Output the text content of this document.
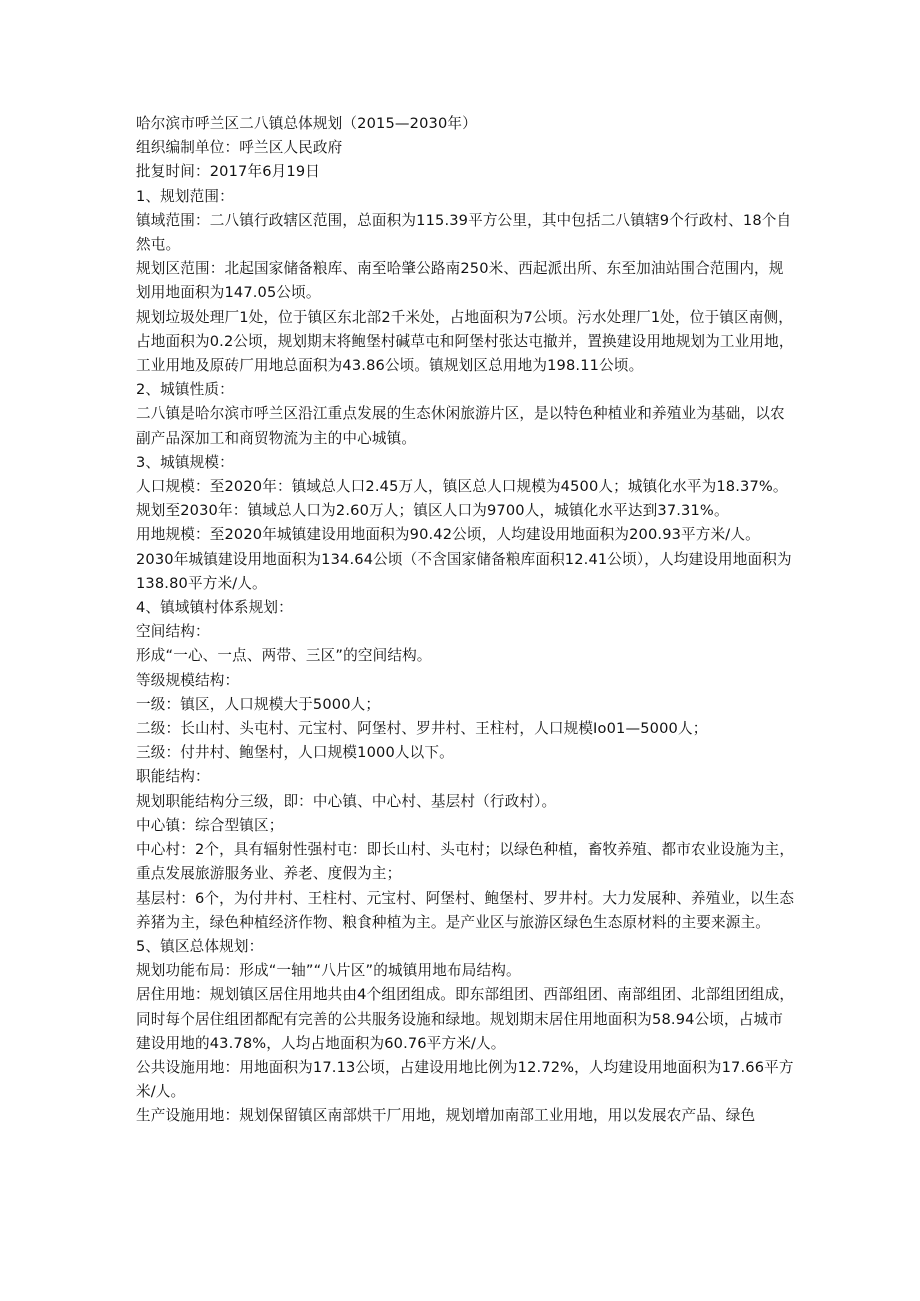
哈尔滨市呼兰区二八镇总体规划（2015—2030年）

组织编制单位：呼兰区人民政府

批复时间：2017年6月19日

1、规划范围：

镇域范围：二八镇行政辖区范围，总面积为115.39平方公里，其中包括二八镇辖9个行政村、18个自然屯。

规划区范围：北起国家储备粮库、南至哈肇公路南250米、西起派出所、东至加油站围合范围内，规划用地面积为147.05公顷。

规划垃圾处理厂1处，位于镇区东北部2千米处，占地面积为7公顷。污水处理厂1处，位于镇区南侧，占地面积为0.2公顷，规划期末将鲍堡村碱草屯和阿堡村张达屯撤并，置换建设用地规划为工业用地，工业用地及原砖厂用地总面积为43.86公顷。镇规划区总用地为198.11公顷。

2、城镇性质：

二八镇是哈尔滨市呼兰区沿江重点发展的生态休闲旅游片区，是以特色种植业和养殖业为基础，以农副产品深加工和商贸物流为主的中心城镇。

3、城镇规模：

人口规模：至2020年：镇域总人口2.45万人，镇区总人口规模为4500人；城镇化水平为18.37%。

规划至2030年：镇域总人口为2.60万人；镇区人口为9700人，城镇化水平达到37.31%。

用地规模：至2020年城镇建设用地面积为90.42公顷，人均建设用地面积为200.93平方米/人。

2030年城镇建设用地面积为134.64公顷（不含国家储备粮库面积12.41公顷），人均建设用地面积为138.80平方米/人。

4、镇域镇村体系规划：

空间结构：

形成“一心、一点、两带、三区”的空间结构。

等级规模结构：

一级：镇区，人口规模大于5000人；

二级：长山村、头屯村、元宝村、阿堡村、罗井村、王柱村，人口规模Io01—5000人；

三级：付井村、鲍堡村，人口规模1000人以下。

职能结构：

规划职能结构分三级，即：中心镇、中心村、基层村（行政村）。

中心镇：综合型镇区；

中心村：2个，具有辐射性强村屯：即长山村、头屯村；以绿色种植，畜牧养殖、都市农业设施为主，重点发展旅游服务业、养老、度假为主；

基层村：6个，为付井村、王柱村、元宝村、阿堡村、鲍堡村、罗井村。大力发展种、养殖业，以生态养猪为主，绿色种植经济作物、粮食种植为主。是产业区与旅游区绿色生态原材料的主要来源主。

5、镇区总体规划：

规划功能布局：形成“一轴”“八片区”的城镇用地布局结构。

居住用地：规划镇区居住用地共由4个组团组成。即东部组团、西部组团、南部组团、北部组团组成，同时每个居住组团都配有完善的公共服务设施和绿地。规划期末居住用地面积为58.94公顷，占城市建设用地的43.78%，人均占地面积为60.76平方米/人。

公共设施用地：用地面积为17.13公顷，占建设用地比例为12.72%，人均建设用地面积为17.66平方米/人。

生产设施用地：规划保留镇区南部烘干厂用地，规划增加南部工业用地，用以发展农产品、绿色
